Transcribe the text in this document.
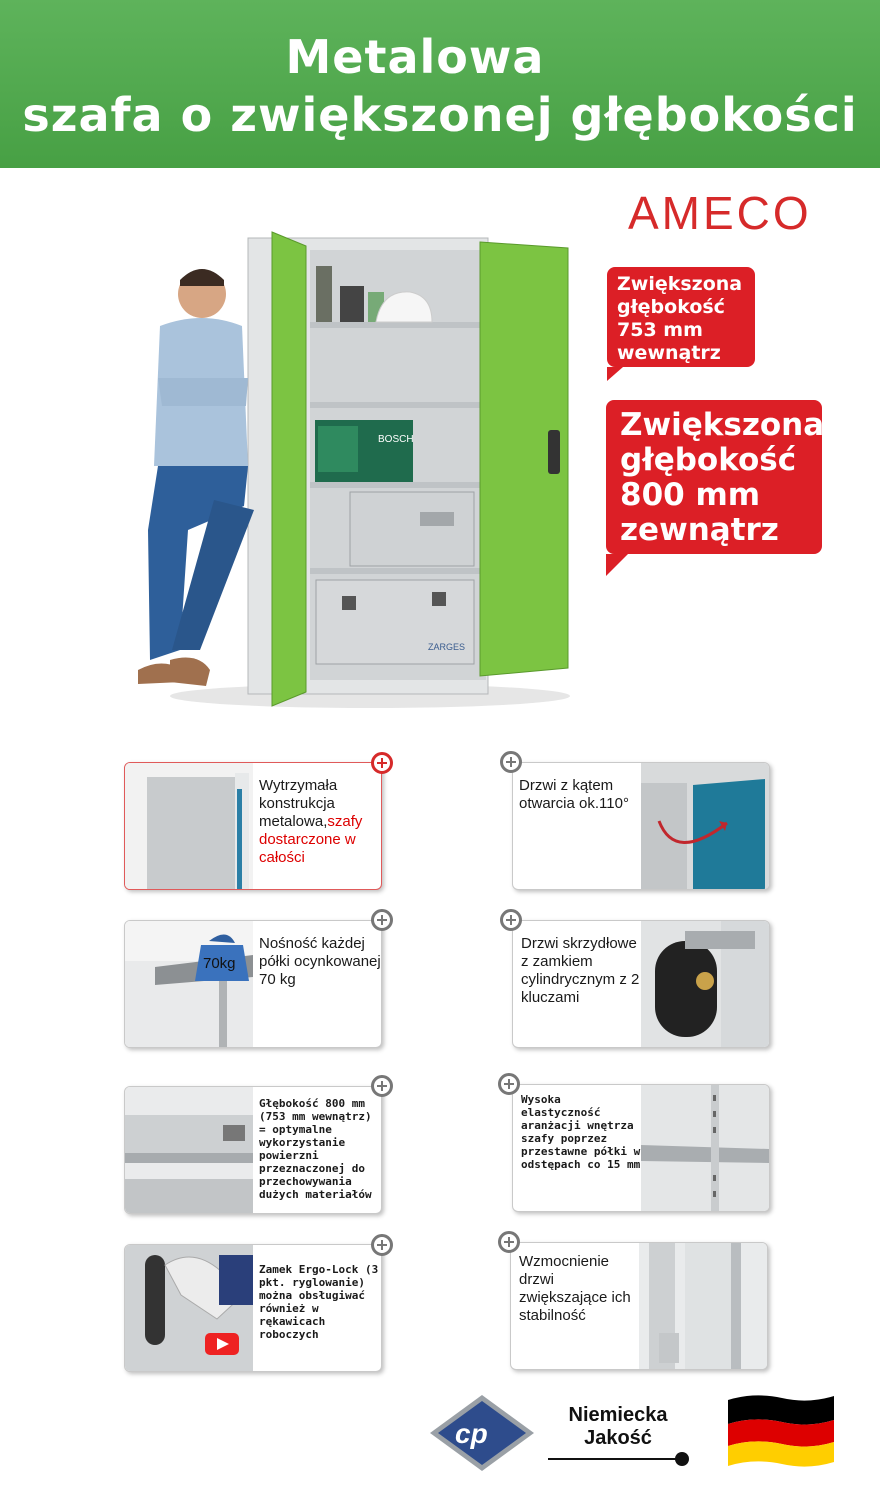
Metalowa
szafa o zwiększonej głębokości
AMECO
BOSCH
ZARGES
Zwiększona
głębokość
753 mm
wewnątrz
Zwiększona
głębokość
800 mm
zewnątrz
Wytrzymała konstrukcja metalowa,szafy dostarczone w całości
Drzwi z kątem otwarcia ok.110°
70kg
Nośność każdej półki ocynkowanej 70 kg
Drzwi skrzydłowe z zamkiem cylindrycznym z 2 kluczami
Głębokość 800 mm (753 mm wewnątrz) = optymalne wykorzystanie powierzni przeznaczonej do przechowywania dużych materiałów
Wysoka elastyczność aranżacji wnętrza szafy poprzez przestawne półki w odstępach co 15 mm
Zamek Ergo-Lock (3 pkt. ryglowanie) można obsługiwać również w rękawicach roboczych
Wzmocnienie drzwi zwiększające ich stabilność
cp
Niemiecka
Jakość
